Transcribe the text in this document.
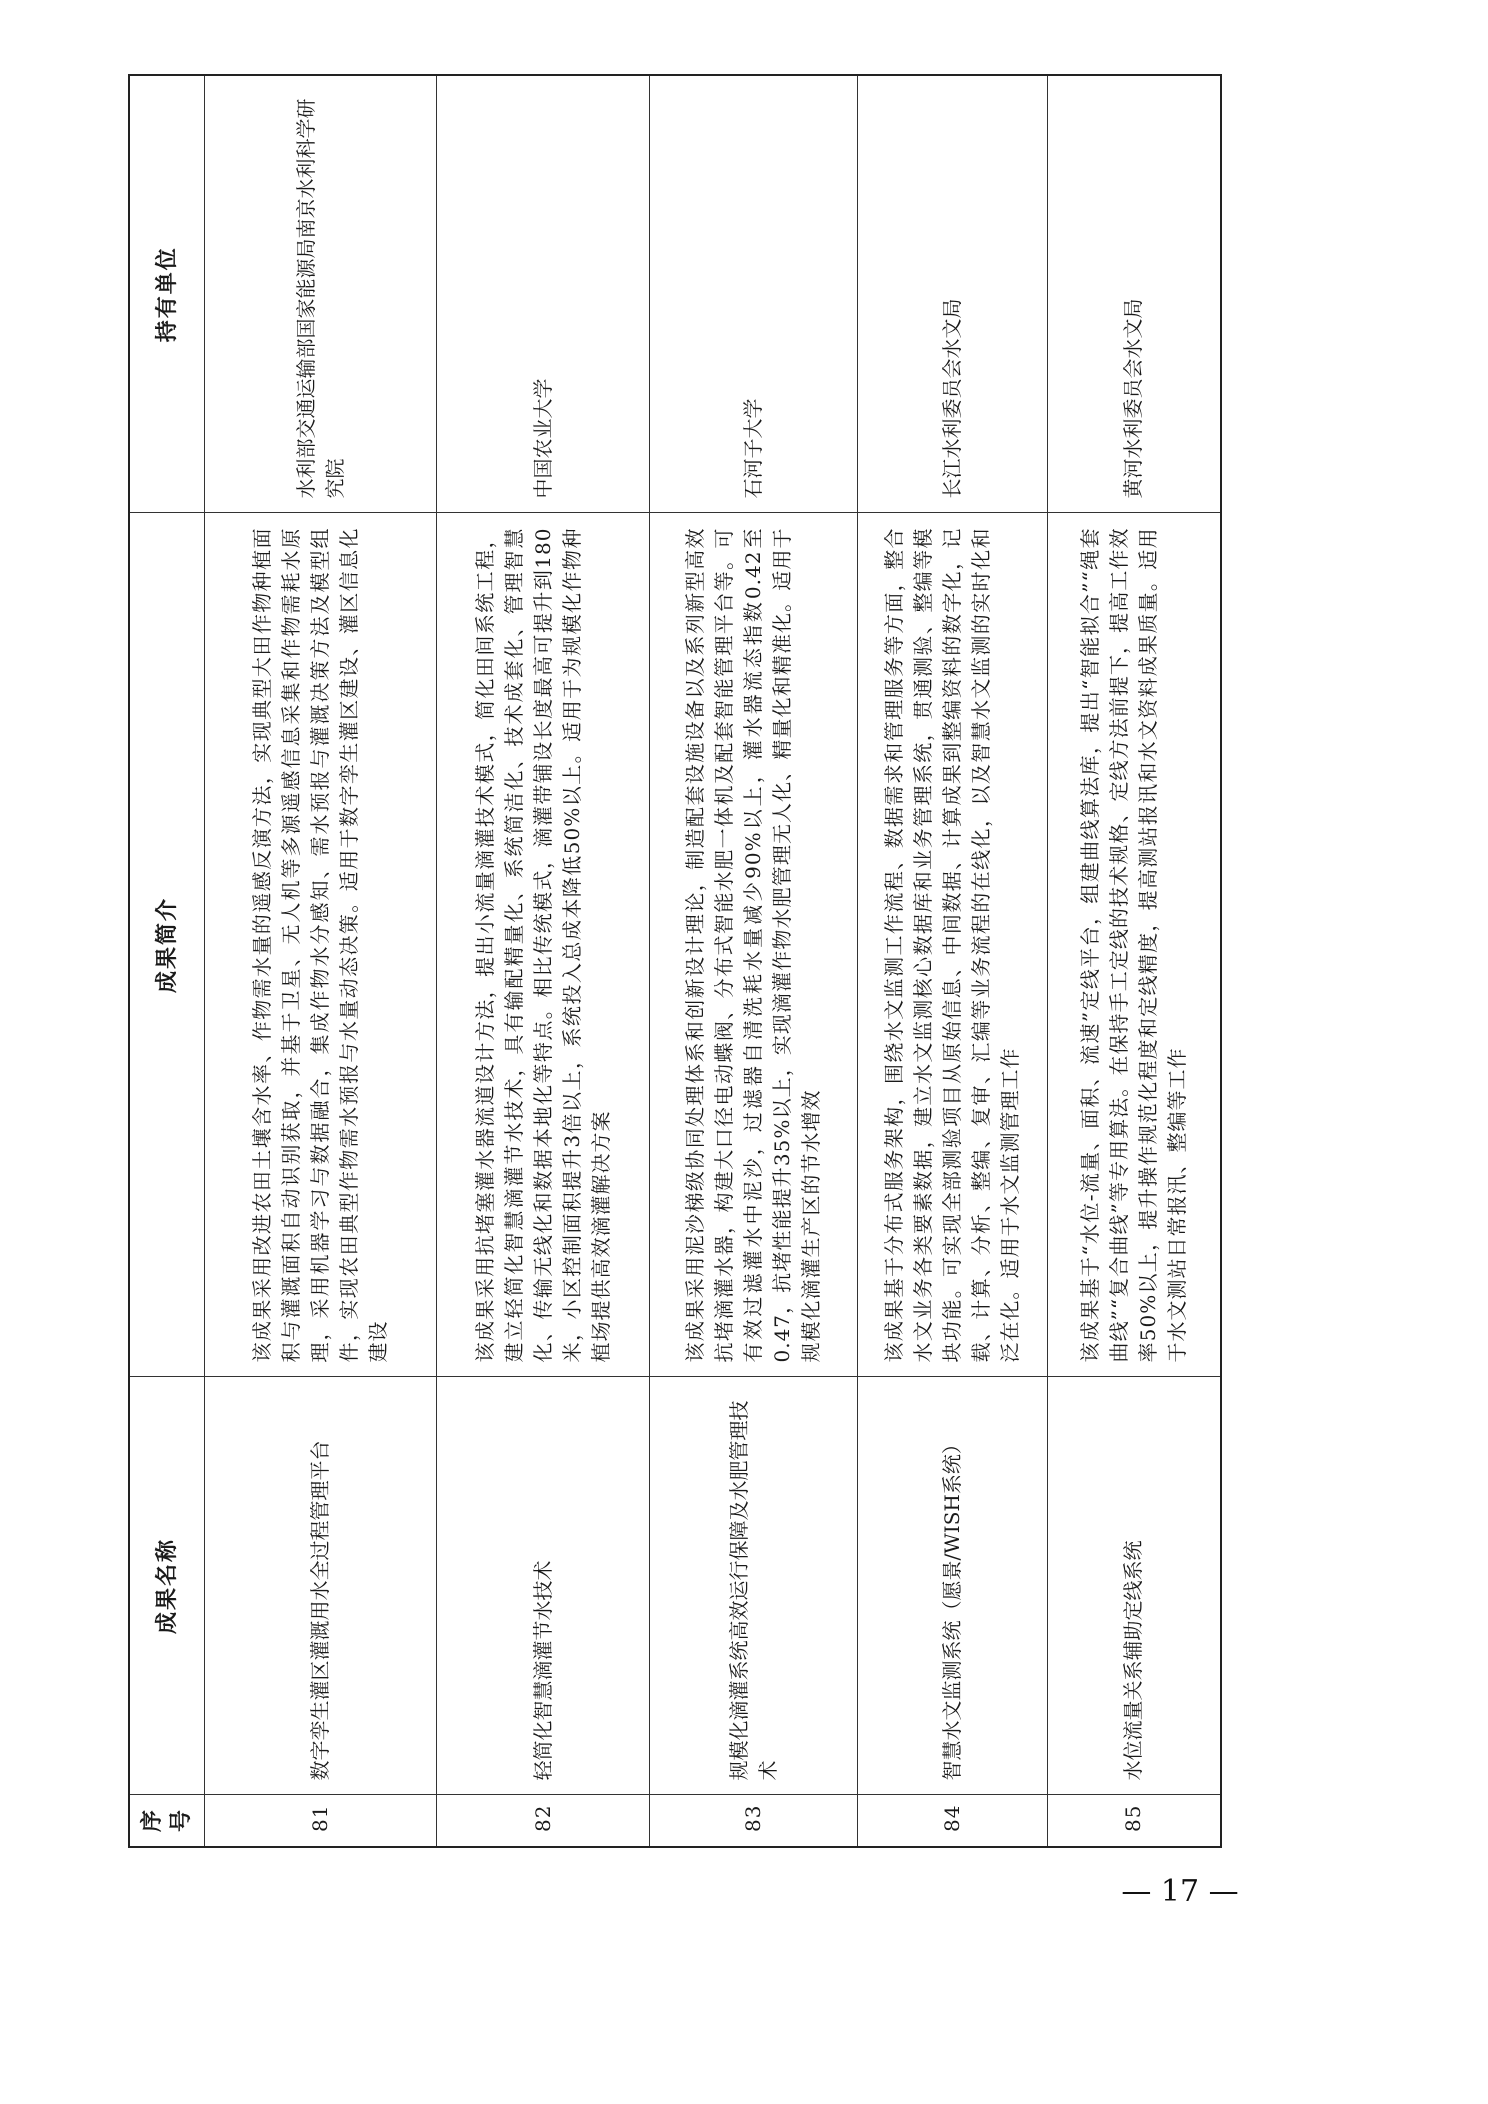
序号	成果名称	成果简介	持有单位
81	数字孪生灌区灌溉用水全过程管理平台	该成果采用改进农田土壤含水率、作物需水量的遥感反演方法，实现典型大田作物种植面积与灌溉面积自动识别获取，并基于卫星、无人机等多源遥感信息采集和作物需耗水原理，采用机器学习与数据融合，集成作物水分感知、需水预报与灌溉决策方法及模型组件，实现农田典型作物需水预报与水量动态决策。适用于数字孪生灌区建设、灌区信息化建设	水利部交通运输部国家能源局南京水利科学研究院
82	轻简化智慧滴灌节水技术	该成果采用抗堵塞灌水器流道设计方法，提出小流量滴灌技术模式，简化田间系统工程，建立轻简化智慧滴灌节水技术，具有输配精量化、系统简洁化、技术成套化、管理智慧化、传输无线化和数据本地化等特点。相比传统模式，滴灌带铺设长度最高可提升到180米，小区控制面积提升3倍以上，系统投入总成本降低50%以上。适用于为规模化作物种植场提供高效滴灌解决方案	中国农业大学
83	规模化滴灌系统高效运行保障及水肥管理技术	该成果采用泥沙梯级协同处理体系和创新设计理论，制造配套设施设备以及系列新型高效抗堵滴灌水器，构建大口径电动蝶阀、分布式智能水肥一体机及配套智能管理平台等。可有效过滤灌水中泥沙，过滤器自清洗耗水量减少90%以上，灌水器流态指数0.42至0.47，抗堵性能提升35%以上，实现滴灌作物水肥管理无人化、精量化和精准化。适用于规模化滴灌生产区的节水增效	石河子大学
84	智慧水文监测系统（愿景/WISH系统）	该成果基于分布式服务架构，围绕水文监测工作流程、数据需求和管理服务等方面，整合水文业务各类要素数据，建立水文监测核心数据库和业务管理系统，贯通测验、整编等模块功能。可实现全部测验项目从原始信息、中间数据、计算成果到整编资料的数字化，记载、计算、分析、整编、复审、汇编等业务流程的在线化，以及智慧水文监测的实时化和泛在化。适用于水文监测管理工作	长江水利委员会水文局
85	水位流量关系辅助定线系统	该成果基于“水位-流量、面积、流速”定线平台，组建曲线算法库，提出“智能拟合”“绳套曲线”“复合曲线”等专用算法。在保持手工定线的技术规格、定线方法前提下，提高工作效率50%以上，提升操作规范化程度和定线精度，提高测站报讯和水文资料成果质量。适用于水文测站日常报汛、整编等工作	黄河水利委员会水文局
— 17 —
